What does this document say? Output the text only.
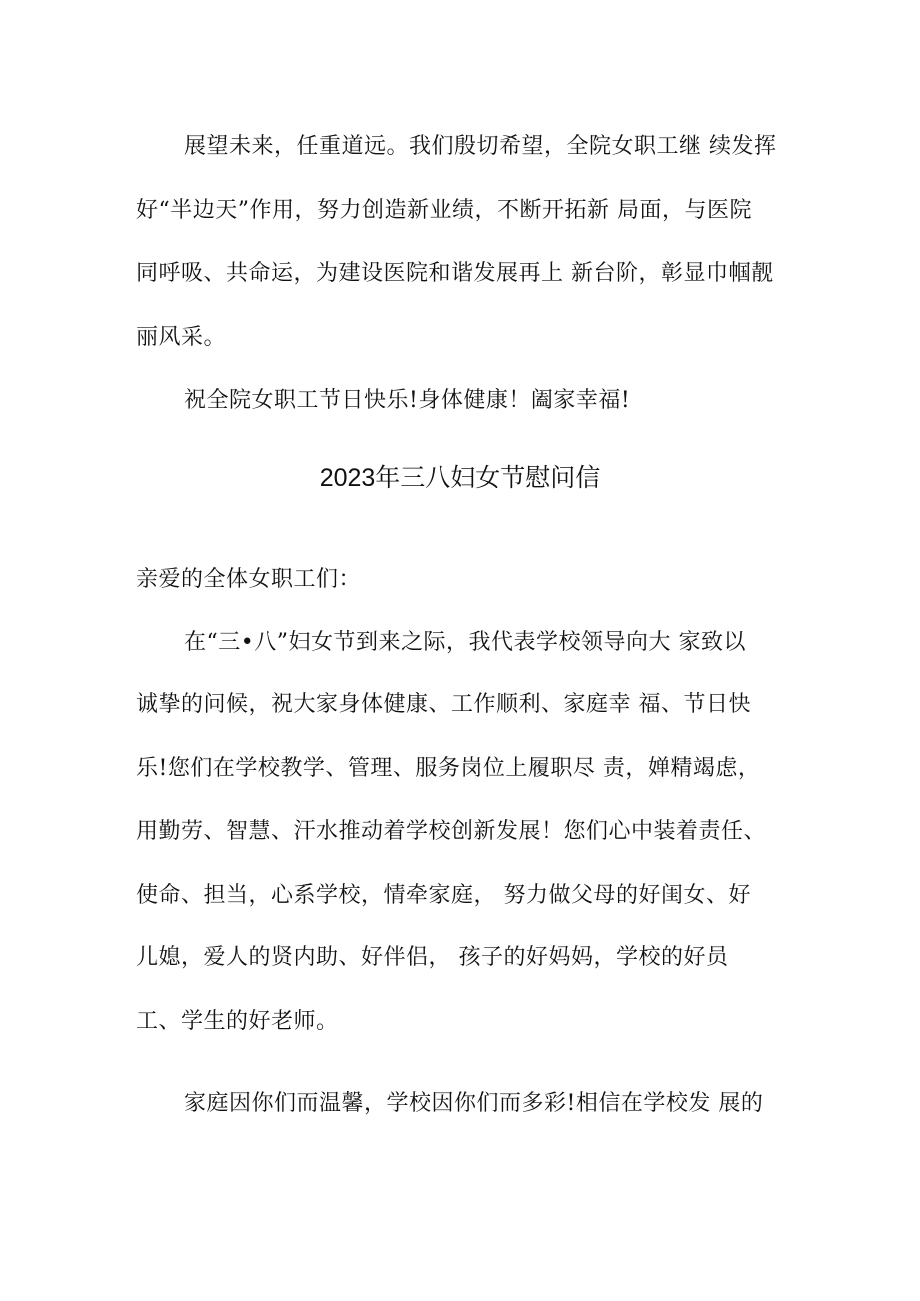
展望未来，任重道远。我们殷切希望，全院女职工继 续发挥
好“半边天”作用，努力创造新业绩，不断开拓新 局面，与医院
同呼吸、共命运，为建设医院和谐发展再上 新台阶，彰显巾帼靓
丽风采。
祝全院女职工节日快乐!身体健康！阖家幸福!
2023年三八妇女节慰问信
亲爱的全体女职工们：
在“三•八”妇女节到来之际，我代表学校领导向大 家致以
诚挚的问候，祝大家身体健康、工作顺利、家庭幸 福、节日快
乐!您们在学校教学、管理、服务岗位上履职尽 责，婵精竭虑，
用勤劳、智慧、汗水推动着学校创新发展！您们心中装着责任、
使命、担当，心系学校，情牵家庭， 努力做父母的好闺女、好
儿媳，爱人的贤内助、好伴侣， 孩子的好妈妈，学校的好员
工、学生的好老师。
家庭因你们而温馨，学校因你们而多彩!相信在学校发 展的
